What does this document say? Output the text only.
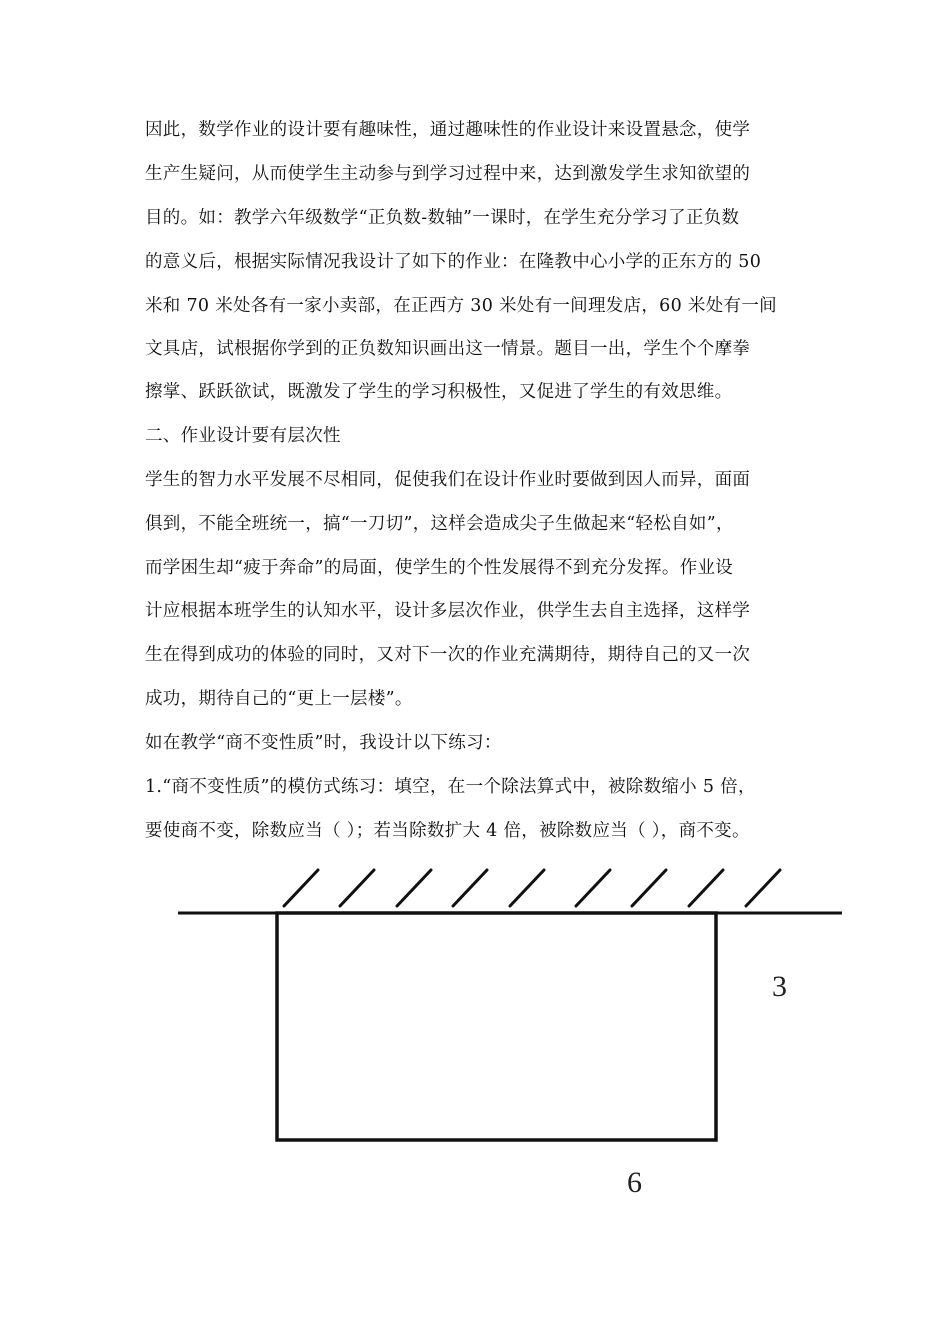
因此，数学作业的设计要有趣味性，通过趣味性的作业设计来设置悬念，使学
生产生疑问，从而使学生主动参与到学习过程中来，达到激发学生求知欲望的
目的。如：教学六年级数学“正负数-数轴”一课时，在学生充分学习了正负数
的意义后，根据实际情况我设计了如下的作业：在隆教中心小学的正东方的 50
米和 70 米处各有一家小卖部，在正西方 30 米处有一间理发店，60 米处有一间
文具店，试根据你学到的正负数知识画出这一情景。题目一出，学生个个摩拳
擦掌、跃跃欲试，既激发了学生的学习积极性，又促进了学生的有效思维。
二、作业设计要有层次性
学生的智力水平发展不尽相同，促使我们在设计作业时要做到因人而异，面面
俱到，不能全班统一，搞“一刀切”，这样会造成尖子生做起来“轻松自如”，
而学困生却“疲于奔命”的局面，使学生的个性发展得不到充分发挥。作业设
计应根据本班学生的认知水平，设计多层次作业，供学生去自主选择，这样学
生在得到成功的体验的同时，又对下一次的作业充满期待，期待自己的又一次
成功，期待自己的“更上一层楼”。
如在教学“商不变性质”时，我设计以下练习：
1.“商不变性质”的模仿式练习：填空，在一个除法算式中，被除数缩小 5 倍，
要使商不变，除数应当（ ）；若当除数扩大 4 倍，被除数应当（ ），商不变。
3
6
